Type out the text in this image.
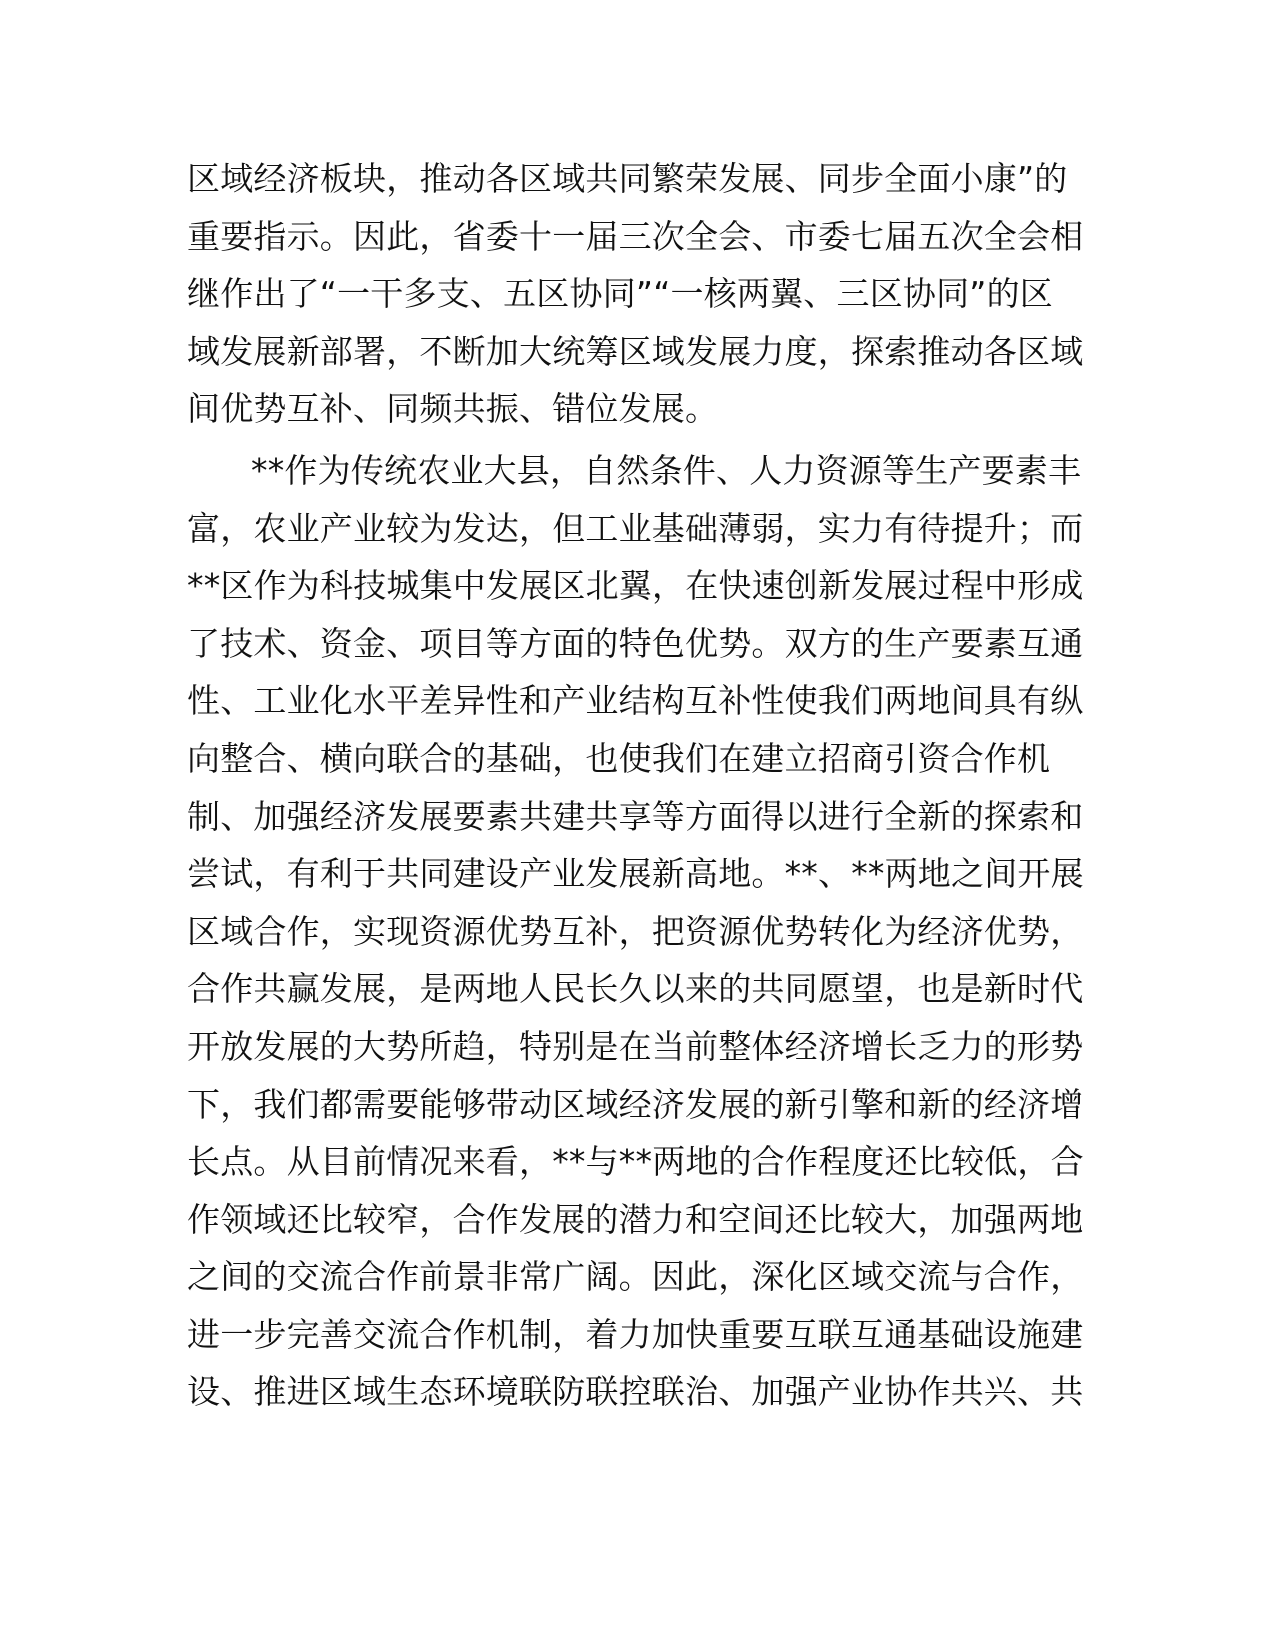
区域经济板块，推动各区域共同繁荣发展、同步全面小康”的
重要指示。因此，省委十一届三次全会、市委七届五次全会相
继作出了“一干多支、五区协同”“一核两翼、三区协同”的区
域发展新部署，不断加大统筹区域发展力度，探索推动各区域
间优势互补、同频共振、错位发展。
**作为传统农业大县，自然条件、人力资源等生产要素丰
富，农业产业较为发达，但工业基础薄弱，实力有待提升；而
**区作为科技城集中发展区北翼，在快速创新发展过程中形成
了技术、资金、项目等方面的特色优势。双方的生产要素互通
性、工业化水平差异性和产业结构互补性使我们两地间具有纵
向整合、横向联合的基础，也使我们在建立招商引资合作机
制、加强经济发展要素共建共享等方面得以进行全新的探索和
尝试，有利于共同建设产业发展新高地。**、**两地之间开展
区域合作，实现资源优势互补，把资源优势转化为经济优势，
合作共赢发展，是两地人民长久以来的共同愿望，也是新时代
开放发展的大势所趋，特别是在当前整体经济增长乏力的形势
下，我们都需要能够带动区域经济发展的新引擎和新的经济增
长点。从目前情况来看，**与**两地的合作程度还比较低，合
作领域还比较窄，合作发展的潜力和空间还比较大，加强两地
之间的交流合作前景非常广阔。因此，深化区域交流与合作，
进一步完善交流合作机制，着力加快重要互联互通基础设施建
设、推进区域生态环境联防联控联治、加强产业协作共兴、共
